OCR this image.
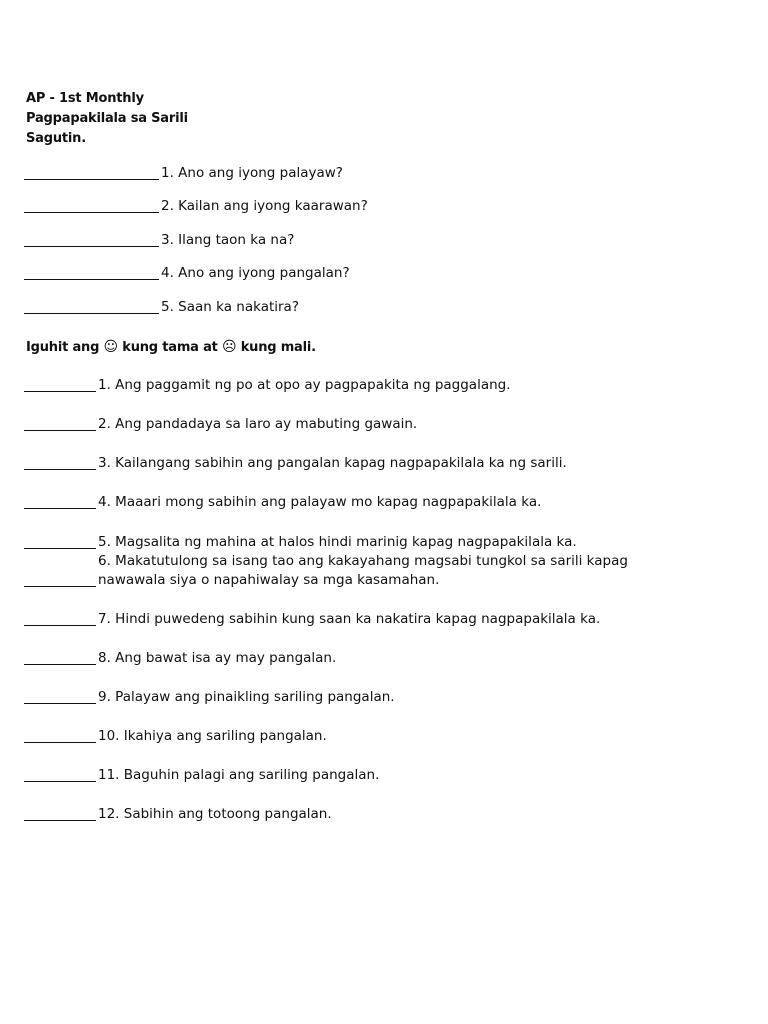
AP - 1st Monthly
Pagpapakilala sa Sarili
Sagutin.
1. Ano ang iyong palayaw?
2. Kailan ang iyong kaarawan?
3. Ilang taon ka na?
4. Ano ang iyong pangalan?
5. Saan ka nakatira?
Iguhit ang ☺ kung tama at ☹ kung mali.
1. Ang paggamit ng po at opo ay pagpapakita ng paggalang.
2. Ang pandadaya sa laro ay mabuting gawain.
3. Kailangang sabihin ang pangalan kapag nagpapakilala ka ng sarili.
4. Maaari mong sabihin ang palayaw mo kapag nagpapakilala ka.
5. Magsalita ng mahina at halos hindi marinig kapag nagpapakilala ka.
6. Makatutulong sa isang tao ang kakayahang magsabi tungkol sa sarili kapag
nawawala siya o napahiwalay sa mga kasamahan.
7. Hindi puwedeng sabihin kung saan ka nakatira kapag nagpapakilala ka.
8. Ang bawat isa ay may pangalan.
9. Palayaw ang pinaikling sariling pangalan.
10. Ikahiya ang sariling pangalan.
11. Baguhin palagi ang sariling pangalan.
12. Sabihin ang totoong pangalan.
